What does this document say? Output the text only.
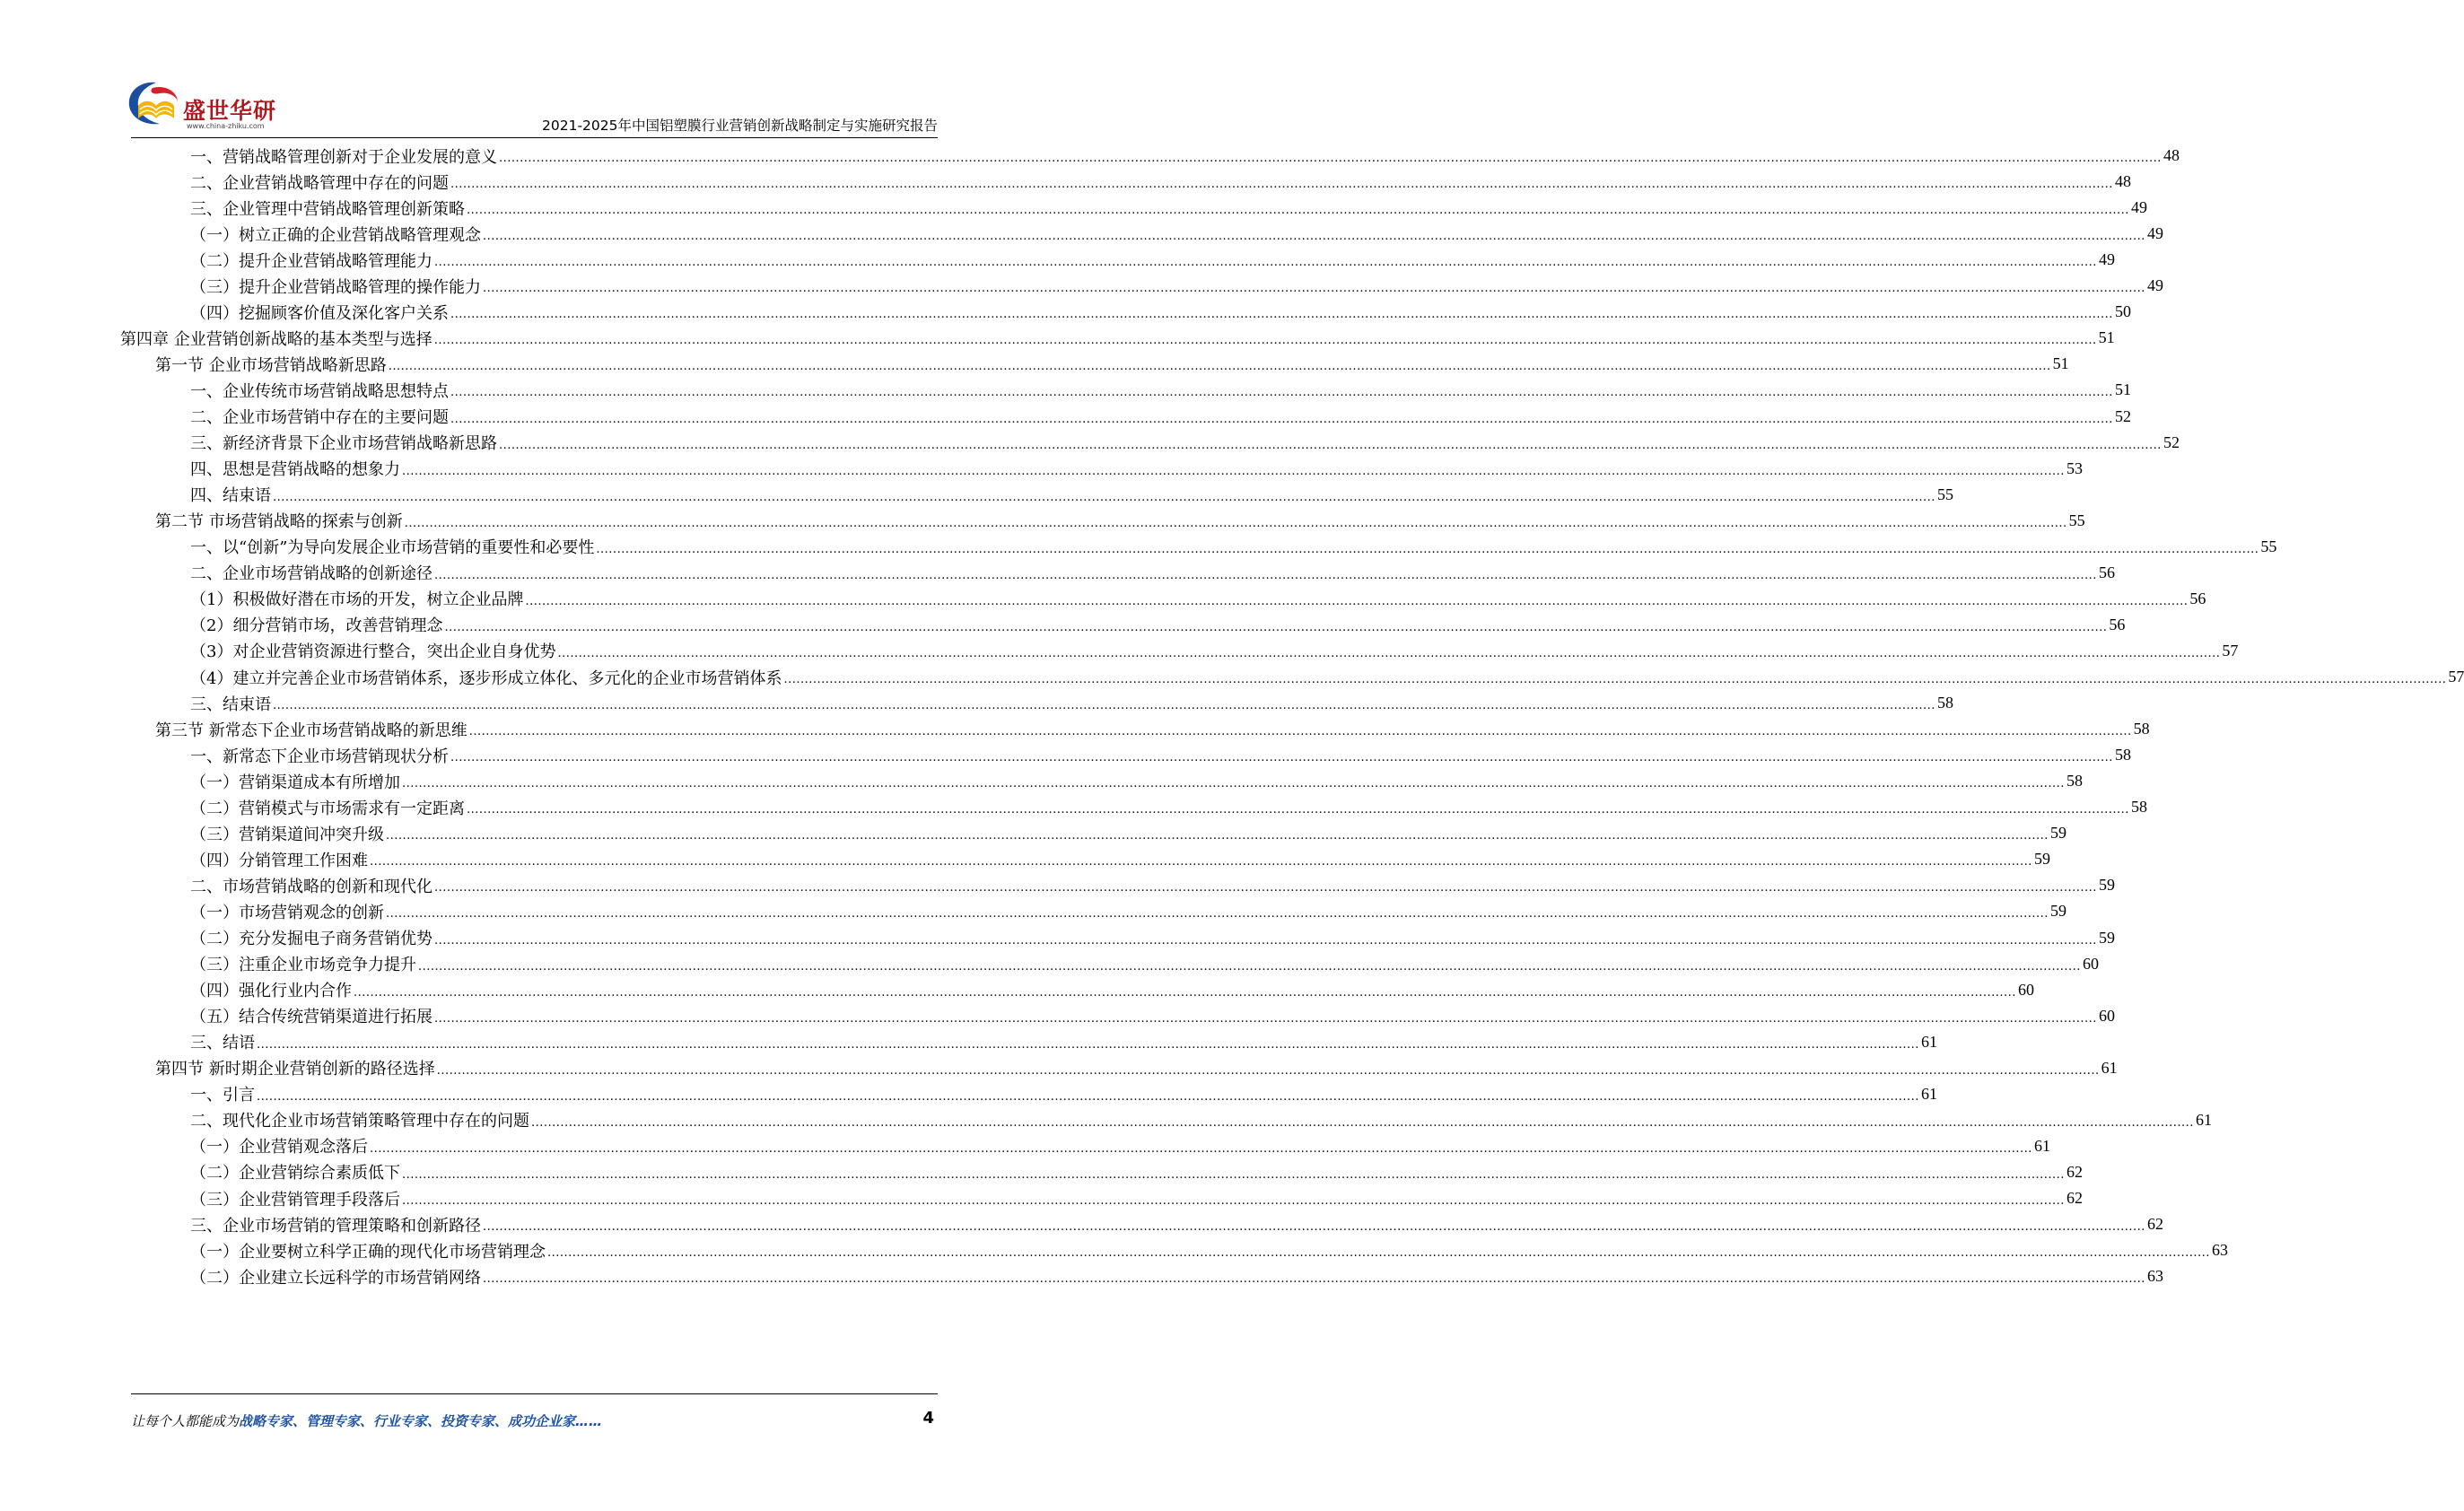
盛世华研
www.china-zhiku.com	2021-2025年中国铝塑膜行业营销创新战略制定与实施研究报告
一、营销战略管理创新对于企业发展的意义 ................................................................................................................................................................................................................................................................................................................................................................................................................ 48
二、企业营销战略管理中存在的问题 ................................................................................................................................................................................................................................................................................................................................................................................................................ 48
三、企业管理中营销战略管理创新策略 ................................................................................................................................................................................................................................................................................................................................................................................................................ 49
（一）树立正确的企业营销战略管理观念 ................................................................................................................................................................................................................................................................................................................................................................................................................ 49
（二）提升企业营销战略管理能力 ................................................................................................................................................................................................................................................................................................................................................................................................................ 49
（三）提升企业营销战略管理的操作能力 ................................................................................................................................................................................................................................................................................................................................................................................................................ 49
（四）挖掘顾客价值及深化客户关系 ................................................................................................................................................................................................................................................................................................................................................................................................................ 50
第四章 企业营销创新战略的基本类型与选择 ................................................................................................................................................................................................................................................................................................................................................................................................................ 51
第一节 企业市场营销战略新思路 ................................................................................................................................................................................................................................................................................................................................................................................................................ 51
一、企业传统市场营销战略思想特点 ................................................................................................................................................................................................................................................................................................................................................................................................................ 51
二、企业市场营销中存在的主要问题 ................................................................................................................................................................................................................................................................................................................................................................................................................ 52
三、新经济背景下企业市场营销战略新思路 ................................................................................................................................................................................................................................................................................................................................................................................................................ 52
四、思想是营销战略的想象力 ................................................................................................................................................................................................................................................................................................................................................................................................................ 53
四、结束语 ................................................................................................................................................................................................................................................................................................................................................................................................................ 55
第二节 市场营销战略的探索与创新 ................................................................................................................................................................................................................................................................................................................................................................................................................ 55
一、以“创新”为导向发展企业市场营销的重要性和必要性 ................................................................................................................................................................................................................................................................................................................................................................................................................ 55
二、企业市场营销战略的创新途径 ................................................................................................................................................................................................................................................................................................................................................................................................................ 56
（1）积极做好潜在市场的开发，树立企业品牌 ................................................................................................................................................................................................................................................................................................................................................................................................................ 56
（2）细分营销市场，改善营销理念 ................................................................................................................................................................................................................................................................................................................................................................................................................ 56
（3）对企业营销资源进行整合，突出企业自身优势 ................................................................................................................................................................................................................................................................................................................................................................................................................ 57
（4）建立并完善企业市场营销体系，逐步形成立体化、多元化的企业市场营销体系 ................................................................................................................................................................................................................................................................................................................................................................................................................ 57
三、结束语 ................................................................................................................................................................................................................................................................................................................................................................................................................ 58
第三节 新常态下企业市场营销战略的新思维 ................................................................................................................................................................................................................................................................................................................................................................................................................ 58
一、新常态下企业市场营销现状分析 ................................................................................................................................................................................................................................................................................................................................................................................................................ 58
（一）营销渠道成本有所增加 ................................................................................................................................................................................................................................................................................................................................................................................................................ 58
（二）营销模式与市场需求有一定距离 ................................................................................................................................................................................................................................................................................................................................................................................................................ 58
（三）营销渠道间冲突升级 ................................................................................................................................................................................................................................................................................................................................................................................................................ 59
（四）分销管理工作困难 ................................................................................................................................................................................................................................................................................................................................................................................................................ 59
二、市场营销战略的创新和现代化 ................................................................................................................................................................................................................................................................................................................................................................................................................ 59
（一）市场营销观念的创新 ................................................................................................................................................................................................................................................................................................................................................................................................................ 59
（二）充分发掘电子商务营销优势 ................................................................................................................................................................................................................................................................................................................................................................................................................ 59
（三）注重企业市场竞争力提升 ................................................................................................................................................................................................................................................................................................................................................................................................................ 60
（四）强化行业内合作 ................................................................................................................................................................................................................................................................................................................................................................................................................ 60
（五）结合传统营销渠道进行拓展 ................................................................................................................................................................................................................................................................................................................................................................................................................ 60
三、结语 ................................................................................................................................................................................................................................................................................................................................................................................................................ 61
第四节 新时期企业营销创新的路径选择 ................................................................................................................................................................................................................................................................................................................................................................................................................ 61
一、引言 ................................................................................................................................................................................................................................................................................................................................................................................................................ 61
二、现代化企业市场营销策略管理中存在的问题 ................................................................................................................................................................................................................................................................................................................................................................................................................ 61
（一）企业营销观念落后 ................................................................................................................................................................................................................................................................................................................................................................................................................ 61
（二）企业营销综合素质低下 ................................................................................................................................................................................................................................................................................................................................................................................................................ 62
（三）企业营销管理手段落后 ................................................................................................................................................................................................................................................................................................................................................................................................................ 62
三、企业市场营销的管理策略和创新路径 ................................................................................................................................................................................................................................................................................................................................................................................................................ 62
（一）企业要树立科学正确的现代化市场营销理念 ................................................................................................................................................................................................................................................................................................................................................................................................................ 63
（二）企业建立长远科学的市场营销网络 ................................................................................................................................................................................................................................................................................................................................................................................................................ 63
让每个人都能成为战略专家、管理专家、行业专家、投资专家、成功企业家……	4
